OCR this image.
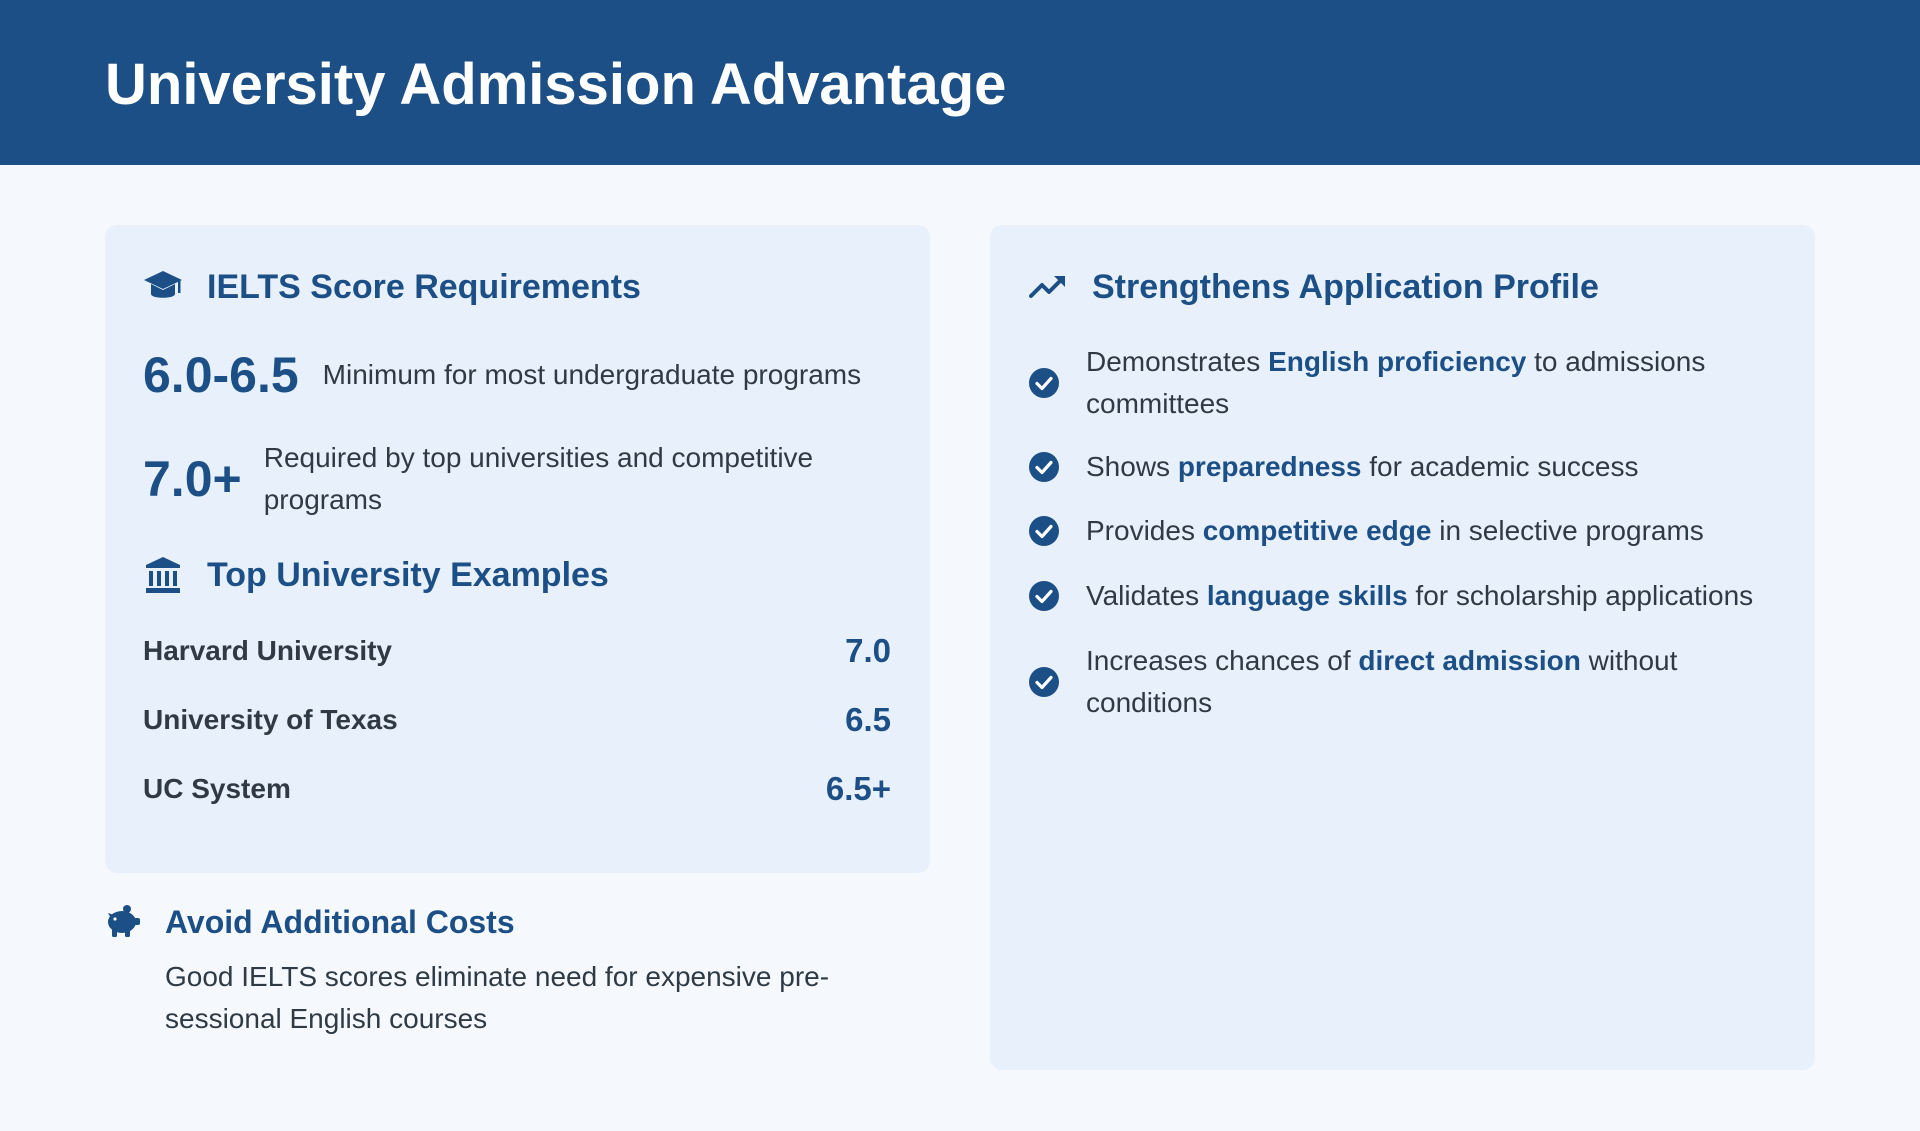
University Admission Advantage
IELTS Score Requirements
6.0-6.5 Minimum for most undergraduate programs
7.0+ Required by top universities and competitive programs
Top University Examples
Harvard University	7.0
University of Texas	6.5
UC System	6.5+
Avoid Additional Costs
Good IELTS scores eliminate need for expensive pre-sessional English courses
Strengthens Application Profile
Demonstrates English proficiency to admissions committees
Shows preparedness for academic success
Provides competitive edge in selective programs
Validates language skills for scholarship applications
Increases chances of direct admission without conditions
